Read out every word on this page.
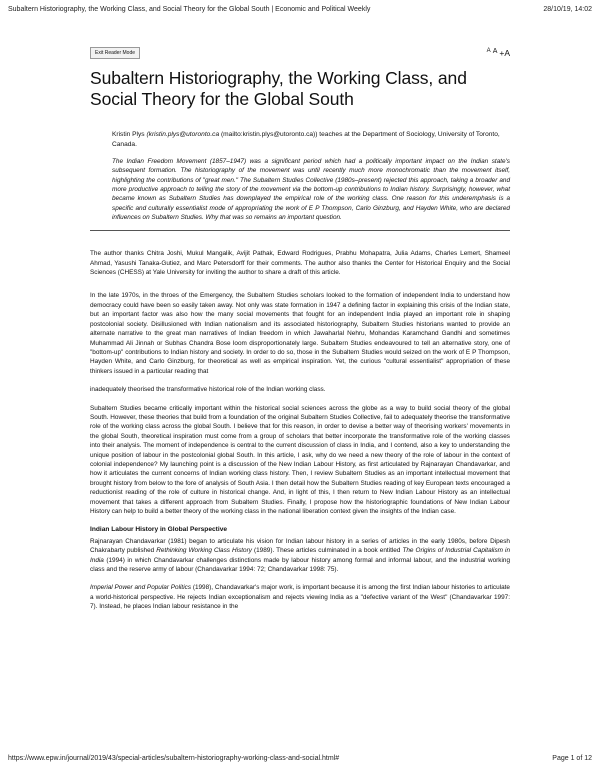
Subaltern Historiography, the Working Class, and Social Theory for the Global South | Economic and Political Weekly	28/10/19, 14:02
Exit Reader Mode	A A +A
Subaltern Historiography, the Working Class, and Social Theory for the Global South
Kristin Plys (kristin.plys@utoronto.ca (mailto:kristin.plys@utoronto.ca)) teaches at the Department of Sociology, University of Toronto, Canada.
The Indian Freedom Movement (1857–1947) was a significant period which had a politically important impact on the Indian state's subsequent formation. The historiography of the movement was until recently much more monochromatic than the movement itself, highlighting the contributions of "great men." The Subaltern Studies Collective (1980s–present) rejected this approach, taking a broader and more productive approach to telling the story of the movement via the bottom-up contributions to Indian history. Surprisingly, however, what became known as Subaltern Studies has downplayed the empirical role of the working class. One reason for this underemphasis is a specific and culturally essentialist mode of appropriating the work of E P Thompson, Carlo Ginzburg, and Hayden White, who are declared influences on Subaltern Studies. Why that was so remains an important question.

The author thanks Chitra Joshi, Mukul Mangalik, Avijit Pathak, Edward Rodrigues, Prabhu Mohapatra, Julia Adams, Charles Lemert, Shameel Ahmad, Yasushi Tanaka-Gutiez, and Marc Petersdorff for their comments. The author also thanks the Center for Historical Enquiry and the Social Sciences (CHESS) at Yale University for inviting the author to share a draft of this article.

In the late 1970s, in the throes of the Emergency, the Subaltern Studies scholars looked to the formation of independent India to understand how democracy could have been so easily taken away. Not only was state formation in 1947 a defining factor in explaining this crisis of the Indian state, but an important factor was also how the many social movements that fought for an independent India played an important role in shaping postcolonial society. Disillusioned with Indian nationalism and its associated historiography, Subaltern Studies historians wanted to provide an alternate narrative to the great man narratives of Indian freedom in which Jawaharlal Nehru, Mohandas Karamchand Gandhi and sometimes Muhammad Ali Jinnah or Subhas Chandra Bose loom disproportionately large. Subaltern Studies endeavoured to tell an alternative story, one of "bottom-up" contributions to Indian history and society. In order to do so, those in the Subaltern Studies would seized on the work of E P Thompson, Hayden White, and Carlo Ginzburg, for theoretical as well as empirical inspiration. Yet, the curious "cultural essentialist" appropriation of these thinkers issued in a particular reading that

inadequately theorised the transformative historical role of the Indian working class.

Subaltern Studies became critically important within the historical social sciences across the globe as a way to build social theory of the global South. However, these theories that build from a foundation of the original Subaltern Studies Collective, fail to adequately theorise the transformative role of the working class across the global South. I believe that for this reason, in order to devise a better way of theorising workers' movements in the global South, theoretical inspiration must come from a group of scholars that better incorporate the transformative role of the working classes into their analysis. The moment of independence is central to the current discussion of class in India, and I contend, also a key to understanding the unique position of labour in the postcolonial global South. In this article, I ask, why do we need a new theory of the role of labour in the context of colonial independence? My launching point is a discussion of the New Indian Labour History, as first articulated by Rajnarayan Chandavarkar, and how it articulates the current concerns of Indian working class history. Then, I review Subaltern Studies as an important intellectual movement that brought history from below to the fore of analysis of South Asia. I then detail how the Subaltern Studies reading of key European texts encouraged a reductionist reading of the role of culture in historical change. And, in light of this, I then return to New Indian Labour History as an intellectual movement that takes a different approach from Subaltern Studies. Finally, I propose how the historiographic foundations of New Indian Labour History can help to build a better theory of the working class in the national liberation context given the insights of the Indian case.

Indian Labour History in Global Perspective

Rajnarayan Chandavarkar (1981) began to articulate his vision for Indian labour history in a series of articles in the early 1980s, before Dipesh Chakrabarty published Rethinking Working Class History (1989). These articles culminated in a book entitled The Origins of Industrial Capitalism in India (1994) in which Chandavarkar challenges distinctions made by labour history among formal and informal labour, and the industrial working class and the reserve army of labour (Chandavarkar 1994: 72; Chandavarkar 1998: 75).

Imperial Power and Popular Politics (1998), Chandavarkar's major work, is important because it is among the first Indian labour histories to articulate a world-historical perspective. He rejects Indian exceptionalism and rejects viewing India as a "defective variant of the West" (Chandavarkar 1997: 7). Instead, he places Indian labour resistance in the

https://www.epw.in/journal/2019/43/special-articles/subaltern-historiography-working-class-and-social.html#	Page 1 of 12
